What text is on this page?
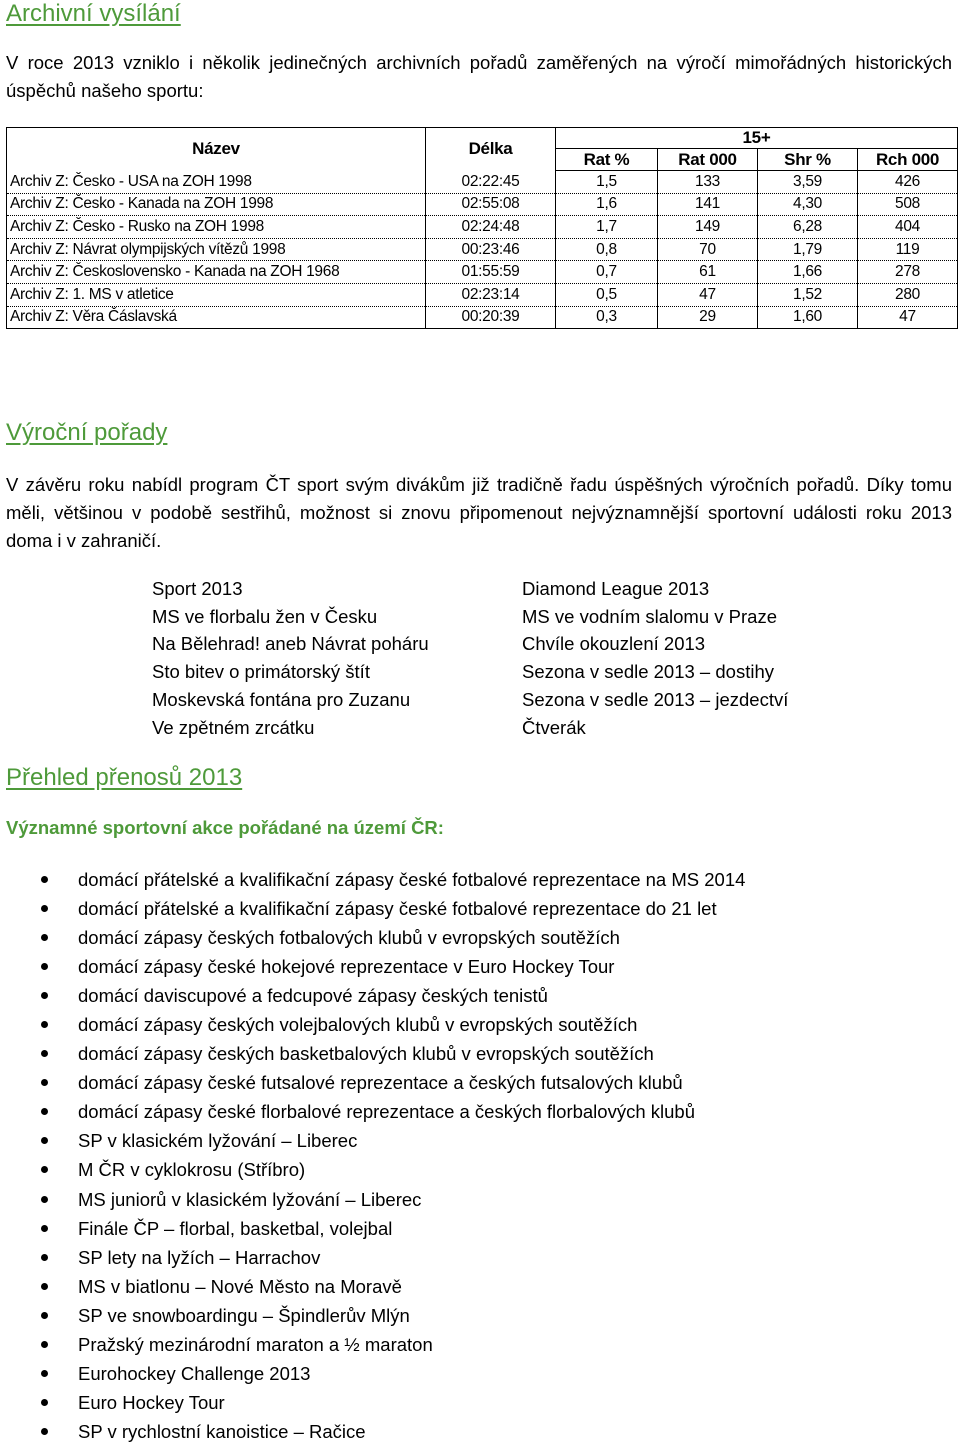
Archivní vysílání

V roce 2013 vzniklo i několik jedinečných archivních pořadů zaměřených na výročí mimořádných historických úspěchů našeho sportu:

Název	Délka	15+			
		Rat %	Rat 000	Shr %	Rch 000
Archiv Z: Česko - USA na ZOH 1998	02:22:45	1,5	133	3,59	426
Archiv Z: Česko - Kanada na ZOH 1998	02:55:08	1,6	141	4,30	508
Archiv Z: Česko - Rusko na ZOH 1998	02:24:48	1,7	149	6,28	404
Archiv Z: Návrat olympijských vítězů 1998	00:23:46	0,8	70	1,79	119
Archiv Z: Československo - Kanada na ZOH 1968	01:55:59	0,7	61	1,66	278
Archiv Z: 1. MS v atletice	02:23:14	0,5	47	1,52	280
Archiv Z: Věra Čáslavská	00:20:39	0,3	29	1,60	47
Výroční pořady

V závěru roku nabídl program ČT sport svým divákům již tradičně řadu úspěšných výročních pořadů. Díky tomu měli, většinou v podobě sestřihů, možnost si znovu připomenout nejvýznamnější sportovní události roku 2013 doma i v zahraničí.

Sport 2013
MS ve florbalu žen v Česku
Na Bělehrad! aneb Návrat poháru
Sto bitev o primátorský štít
Moskevská fontána pro Zuzanu
Ve zpětném zrcátku
Diamond League 2013
MS ve vodním slalomu v Praze
Chvíle okouzlení 2013
Sezona v sedle 2013 – dostihy
Sezona v sedle 2013 – jezdectví
Čtverák
Přehled přenosů 2013

Významné sportovní akce pořádané na území ČR:

domácí přátelské a kvalifikační zápasy české fotbalové reprezentace na MS 2014
domácí přátelské a kvalifikační zápasy české fotbalové reprezentace do 21 let
domácí zápasy českých fotbalových klubů v evropských soutěžích
domácí zápasy české hokejové reprezentace v Euro Hockey Tour
domácí daviscupové a fedcupové zápasy českých tenistů
domácí zápasy českých volejbalových klubů v evropských soutěžích
domácí zápasy českých basketbalových klubů v evropských soutěžích
domácí zápasy české futsalové reprezentace a českých futsalových klubů
domácí zápasy české florbalové reprezentace a českých florbalových klubů
SP v klasickém lyžování – Liberec
M ČR v cyklokrosu (Stříbro)
MS juniorů v klasickém lyžování – Liberec
Finále ČP – florbal, basketbal, volejbal
SP lety na lyžích – Harrachov
MS v biatlonu – Nové Město na Moravě
SP ve snowboardingu – Špindlerův Mlýn
Pražský mezinárodní maraton a ½ maraton
Eurohockey Challenge 2013
Euro Hockey Tour
SP v rychlostní kanoistice – Račice
